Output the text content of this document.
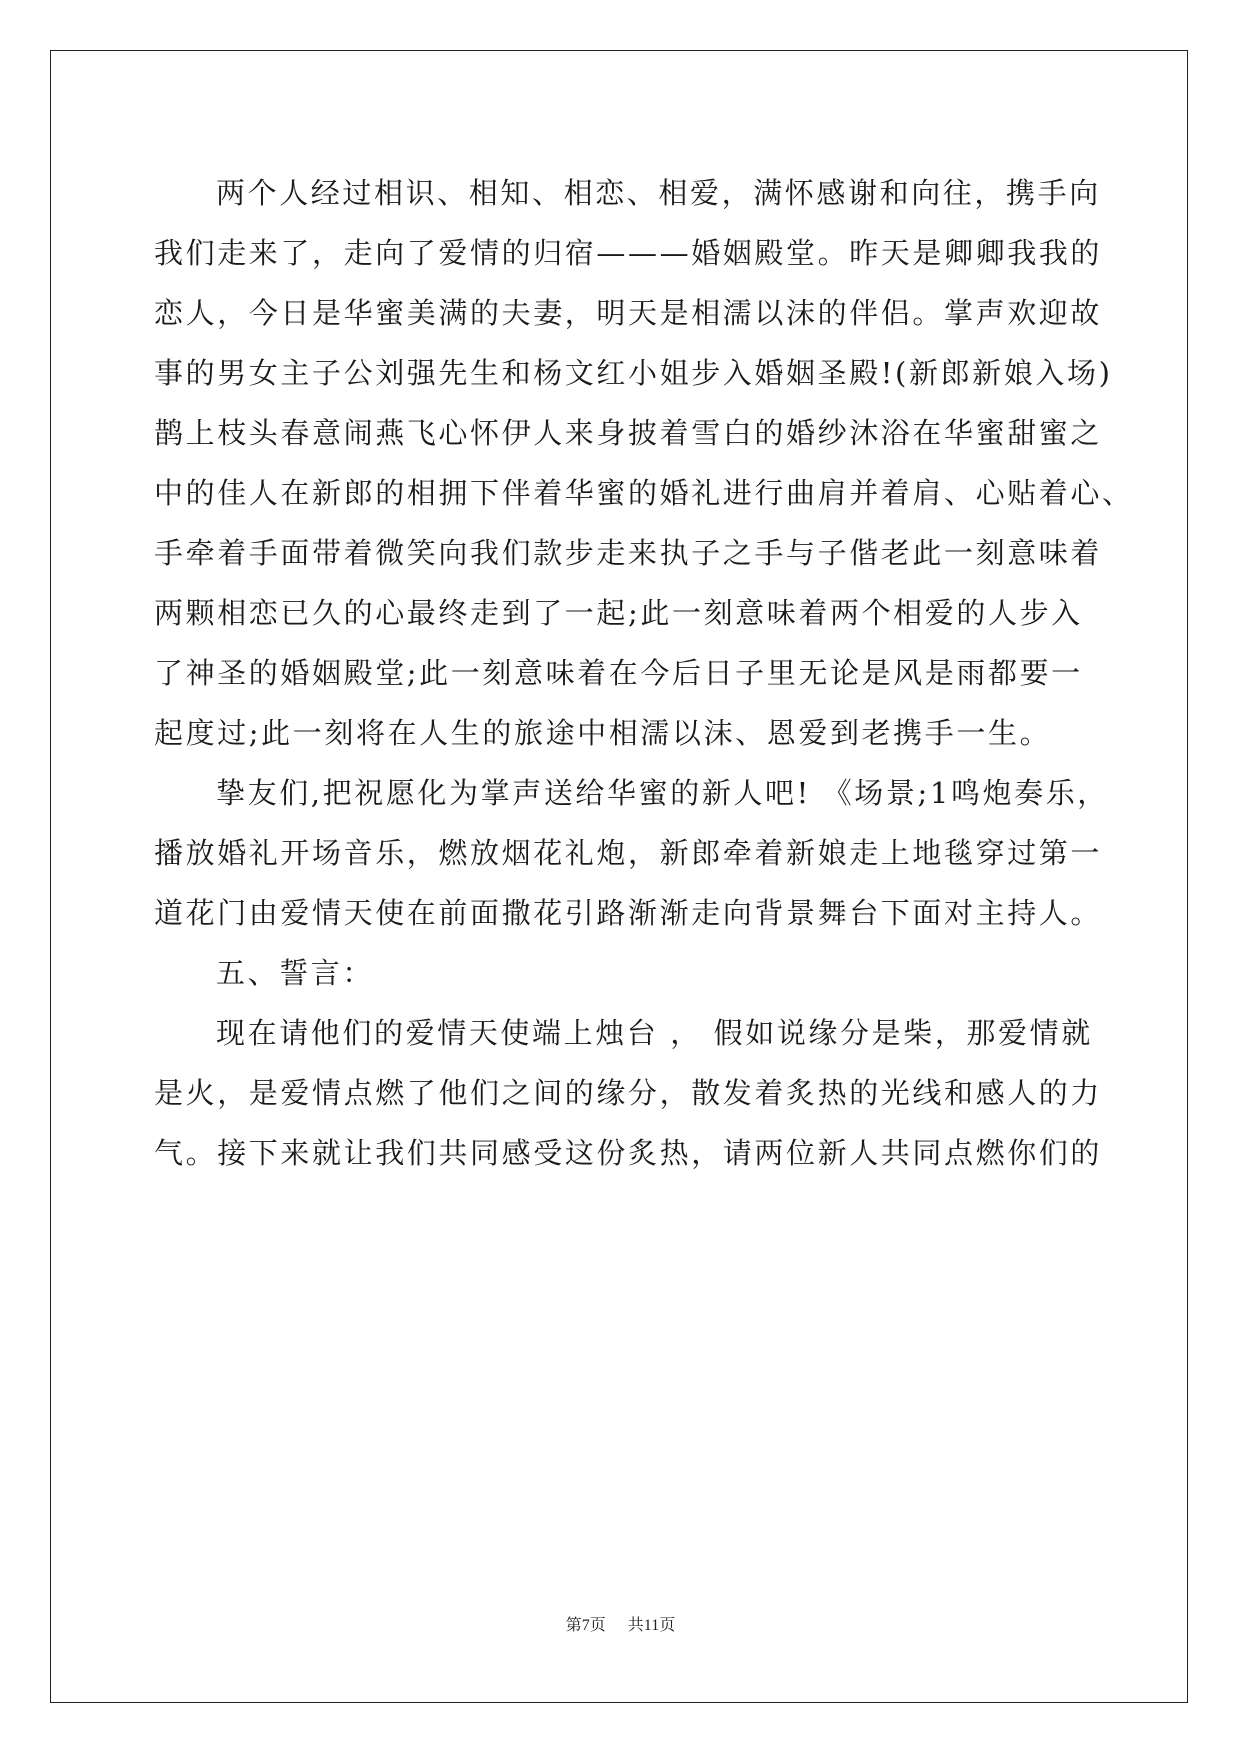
两个人经过相识、相知、相恋、相爱，满怀感谢和向往，携手向
我们走来了，走向了爱情的归宿———婚姻殿堂。昨天是卿卿我我的
恋人，今日是华蜜美满的夫妻，明天是相濡以沫的伴侣。掌声欢迎故
事的男女主子公刘强先生和杨文红小姐步入婚姻圣殿!(新郎新娘入场)
鹊上枝头春意闹燕飞心怀伊人来身披着雪白的婚纱沐浴在华蜜甜蜜之
中的佳人在新郎的相拥下伴着华蜜的婚礼进行曲肩并着肩、心贴着心、
手牵着手面带着微笑向我们款步走来执子之手与子偕老此一刻意味着
两颗相恋已久的心最终走到了一起;此一刻意味着两个相爱的人步入
了神圣的婚姻殿堂;此一刻意味着在今后日子里无论是风是雨都要一
起度过;此一刻将在人生的旅途中相濡以沫、恩爱到老携手一生。
挚友们,把祝愿化为掌声送给华蜜的新人吧! 《场景;1鸣炮奏乐，
播放婚礼开场音乐，燃放烟花礼炮，新郎牵着新娘走上地毯穿过第一
道花门由爱情天使在前面撒花引路渐渐走向背景舞台下面对主持人。
五、誓言：
现在请他们的爱情天使端上烛台 ， 假如说缘分是柴，那爱情就
是火，是爱情点燃了他们之间的缘分，散发着炙热的光线和感人的力
气。接下来就让我们共同感受这份炙热，请两位新人共同点燃你们的
第7页 共11页
